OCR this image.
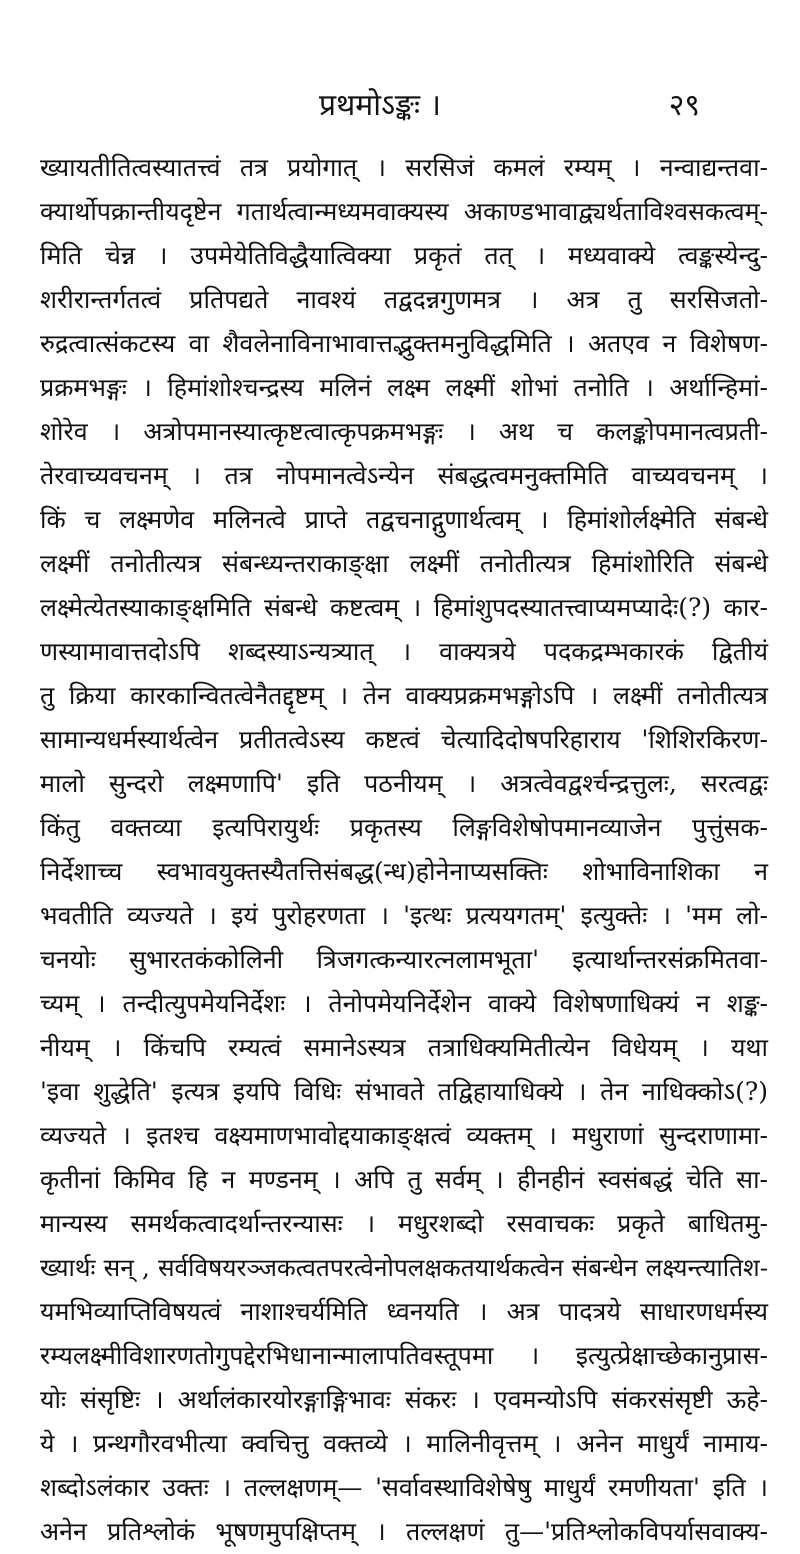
प्रथमोऽङ्कः ।	२९
ख्यायतीतित्वस्यातत्त्वं तत्र प्रयोगात् । सरसिजं कमलं रम्यम् । नन्वाद्यन्तवा-
क्यार्थोपक्रान्तीयदृष्टेन गतार्थत्वान्मध्यमवाक्यस्य अकाण्डभावाद्व्यर्थताविश्वसकत्वम्-
मिति चेन्न । उपमेयेतिविद्धैयात्विक्या प्रकृतं तत् । मध्यवाक्ये त्वङ्कस्येन्दु-
शरीरान्तर्गतत्वं प्रतिपद्यते नावश्यं तद्वदन्नगुणमत्र । अत्र तु सरसिजतो-
रुद्रत्वात्संकटस्य वा शैवलेनाविनाभावात्तद्भुक्तमनुविद्धमिति । अतएव न विशेषण-
प्रक्रमभङ्गः । हिमांशोश्चन्द्रस्य मलिनं लक्ष्म लक्ष्मीं शोभां तनोति । अर्थान्हिमां-
शोरेव । अत्रोपमानस्यात्कृष्टत्वात्कृपक्रमभङ्गः । अथ च कलङ्कोपमानत्वप्रती-
तेरवाच्यवचनम् । तत्र नोपमानत्वेऽन्येन संबद्धत्वमनुक्तमिति वाच्यवचनम् ।
किं च लक्ष्मणेव मलिनत्वे प्राप्ते तद्वचनाद्गुणार्थत्वम् । हिमांशोर्लक्ष्मेति संबन्धे
लक्ष्मीं तनोतीत्यत्र संबन्ध्यन्तराकाङ्क्षा लक्ष्मीं तनोतीत्यत्र हिमांशोरिति संबन्धे
लक्ष्मेत्येतस्याकाङ्क्षमिति संबन्धे कष्टत्वम् । हिमांशुपदस्यातत्त्वाप्यमप्यादेः(?) कार-
णस्यामावात्तदोऽपि शब्दस्याऽन्यत्र्यात् । वाक्यत्रये पदकद्रम्भकारकं द्वितीयं
तु क्रिया कारकान्वितत्वेनैतद्दृष्टम् । तेन वाक्यप्रक्रमभङ्गोऽपि । लक्ष्मीं तनोतीत्यत्र
सामान्यधर्मस्यार्थत्वेन प्रतीतत्वेऽस्य कष्टत्वं चेत्यादिदोषपरिहाराय 'शिशिरकिरण-
मालो सुन्दरो लक्ष्मणापि' इति पठनीयम् । अत्रत्वेवद्वर्श्चन्द्रत्तुलः, सरत्वद्वः
किंतु वक्तव्या इत्यपिरायुर्थः प्रकृतस्य लिङ्गविशेषोपमानव्याजेन पुत्तुंसक-
निर्देशाच्च स्वभावयुक्तस्यैतत्तिसंबद्ध(न्ध)होनेनाप्यसक्तिः शोभाविनाशिका न
भवतीति व्यज्यते । इयं पुरोहरणता । 'इत्थः प्रत्ययगतम्' इत्युक्तेः । 'मम लो-
चनयोः सुभारतकंकोलिनी त्रिजगत्कन्यारत्नलामभूता' इत्यार्थान्तरसंक्रमितवा-
च्यम् । तन्दीत्युपमेयनिर्देशः । तेनोपमेयनिर्देशेन वाक्ये विशेषणाधिक्यं न शङ्क-
नीयम् । किंचपि रम्यत्वं समानेऽस्यत्र तत्राधिक्यमितीत्येन विधेयम् । यथा
'इवा शुद्धेति' इत्यत्र इयपि विधिः संभावते तद्विहायाधिक्ये । तेन नाधिक्कोऽ(?)
व्यज्यते । इतश्च वक्ष्यमाणभावोद्दयाकाङ्क्षत्वं व्यक्तम् । मधुराणां सुन्दराणामा-
कृतीनां किमिव हि न मण्डनम् । अपि तु सर्वम् । हीनहीनं स्वसंबद्धं चेति सा-
मान्यस्य समर्थकत्वादर्थान्तरन्यासः । मधुरशब्दो रसवाचकः प्रकृते बाधितमु-
ख्यार्थः सन् , सर्वविषयरञ्जकत्वतपरत्वेनोपलक्षकतयार्थकत्वेन संबन्धेन लक्ष्यन्त्यातिश-
यमभिव्याप्तिविषयत्वं नाशाश्चर्यमिति ध्वनयति । अत्र पादत्रये साधारणधर्मस्य
रम्यलक्ष्मीविशारणतोगुपद्देरभिधानान्मालापतिवस्तूपमा । इत्युत्प्रेक्षाच्छेकानुप्रास-
योः संसृष्टिः । अर्थालंकारयोरङ्गाङ्गिभावः संकरः । एवमन्योऽपि संकरसंसृष्टी ऊहे-
ये । प्रन्थगौरवभीत्या क्वचित्तु वक्तव्ये । मालिनीवृत्तम् । अनेन माधुर्यं नामाय-
शब्दोऽलंकार उक्तः । तल्लक्षणम्— 'सर्वावस्थाविशेषेषु माधुर्यं रमणीयता' इति ।
अनेन प्रतिश्लोकं भूषणमुपक्षिप्तम् । तल्लक्षणं तु—'प्रतिश्लोकविपर्यासवाक्य-
